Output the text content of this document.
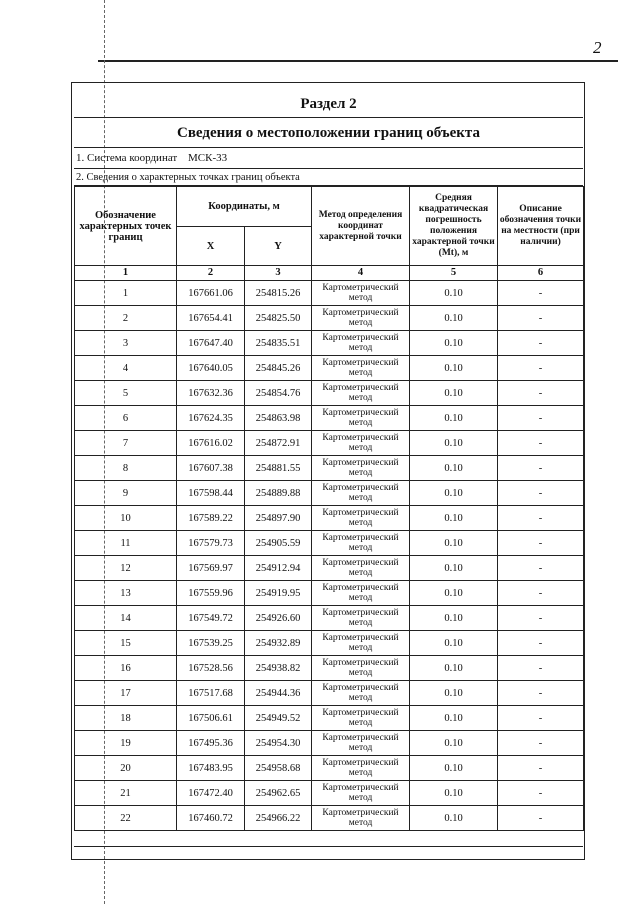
2
Раздел 2
Сведения о местоположении границ объекта
1. Система координат МСК-33
2. Сведения о характерных точках границ объекта
Обозначение характерных точек границ	Координаты, м		Метод определения координат характерной точки	Средняя квадратическая погрешность положения характерной точки (Mt), м	Описание обозначения точки на местности (при наличии)
	X	Y			
1	2	3	4	5	6
1	167661.06	254815.26	Картометрический метод	0.10	-
2	167654.41	254825.50	Картометрический метод	0.10	-
3	167647.40	254835.51	Картометрический метод	0.10	-
4	167640.05	254845.26	Картометрический метод	0.10	-
5	167632.36	254854.76	Картометрический метод	0.10	-
6	167624.35	254863.98	Картометрический метод	0.10	-
7	167616.02	254872.91	Картометрический метод	0.10	-
8	167607.38	254881.55	Картометрический метод	0.10	-
9	167598.44	254889.88	Картометрический метод	0.10	-
10	167589.22	254897.90	Картометрический метод	0.10	-
11	167579.73	254905.59	Картометрический метод	0.10	-
12	167569.97	254912.94	Картометрический метод	0.10	-
13	167559.96	254919.95	Картометрический метод	0.10	-
14	167549.72	254926.60	Картометрический метод	0.10	-
15	167539.25	254932.89	Картометрический метод	0.10	-
16	167528.56	254938.82	Картометрический метод	0.10	-
17	167517.68	254944.36	Картометрический метод	0.10	-
18	167506.61	254949.52	Картометрический метод	0.10	-
19	167495.36	254954.30	Картометрический метод	0.10	-
20	167483.95	254958.68	Картометрический метод	0.10	-
21	167472.40	254962.65	Картометрический метод	0.10	-
22	167460.72	254966.22	Картометрический метод	0.10	-
